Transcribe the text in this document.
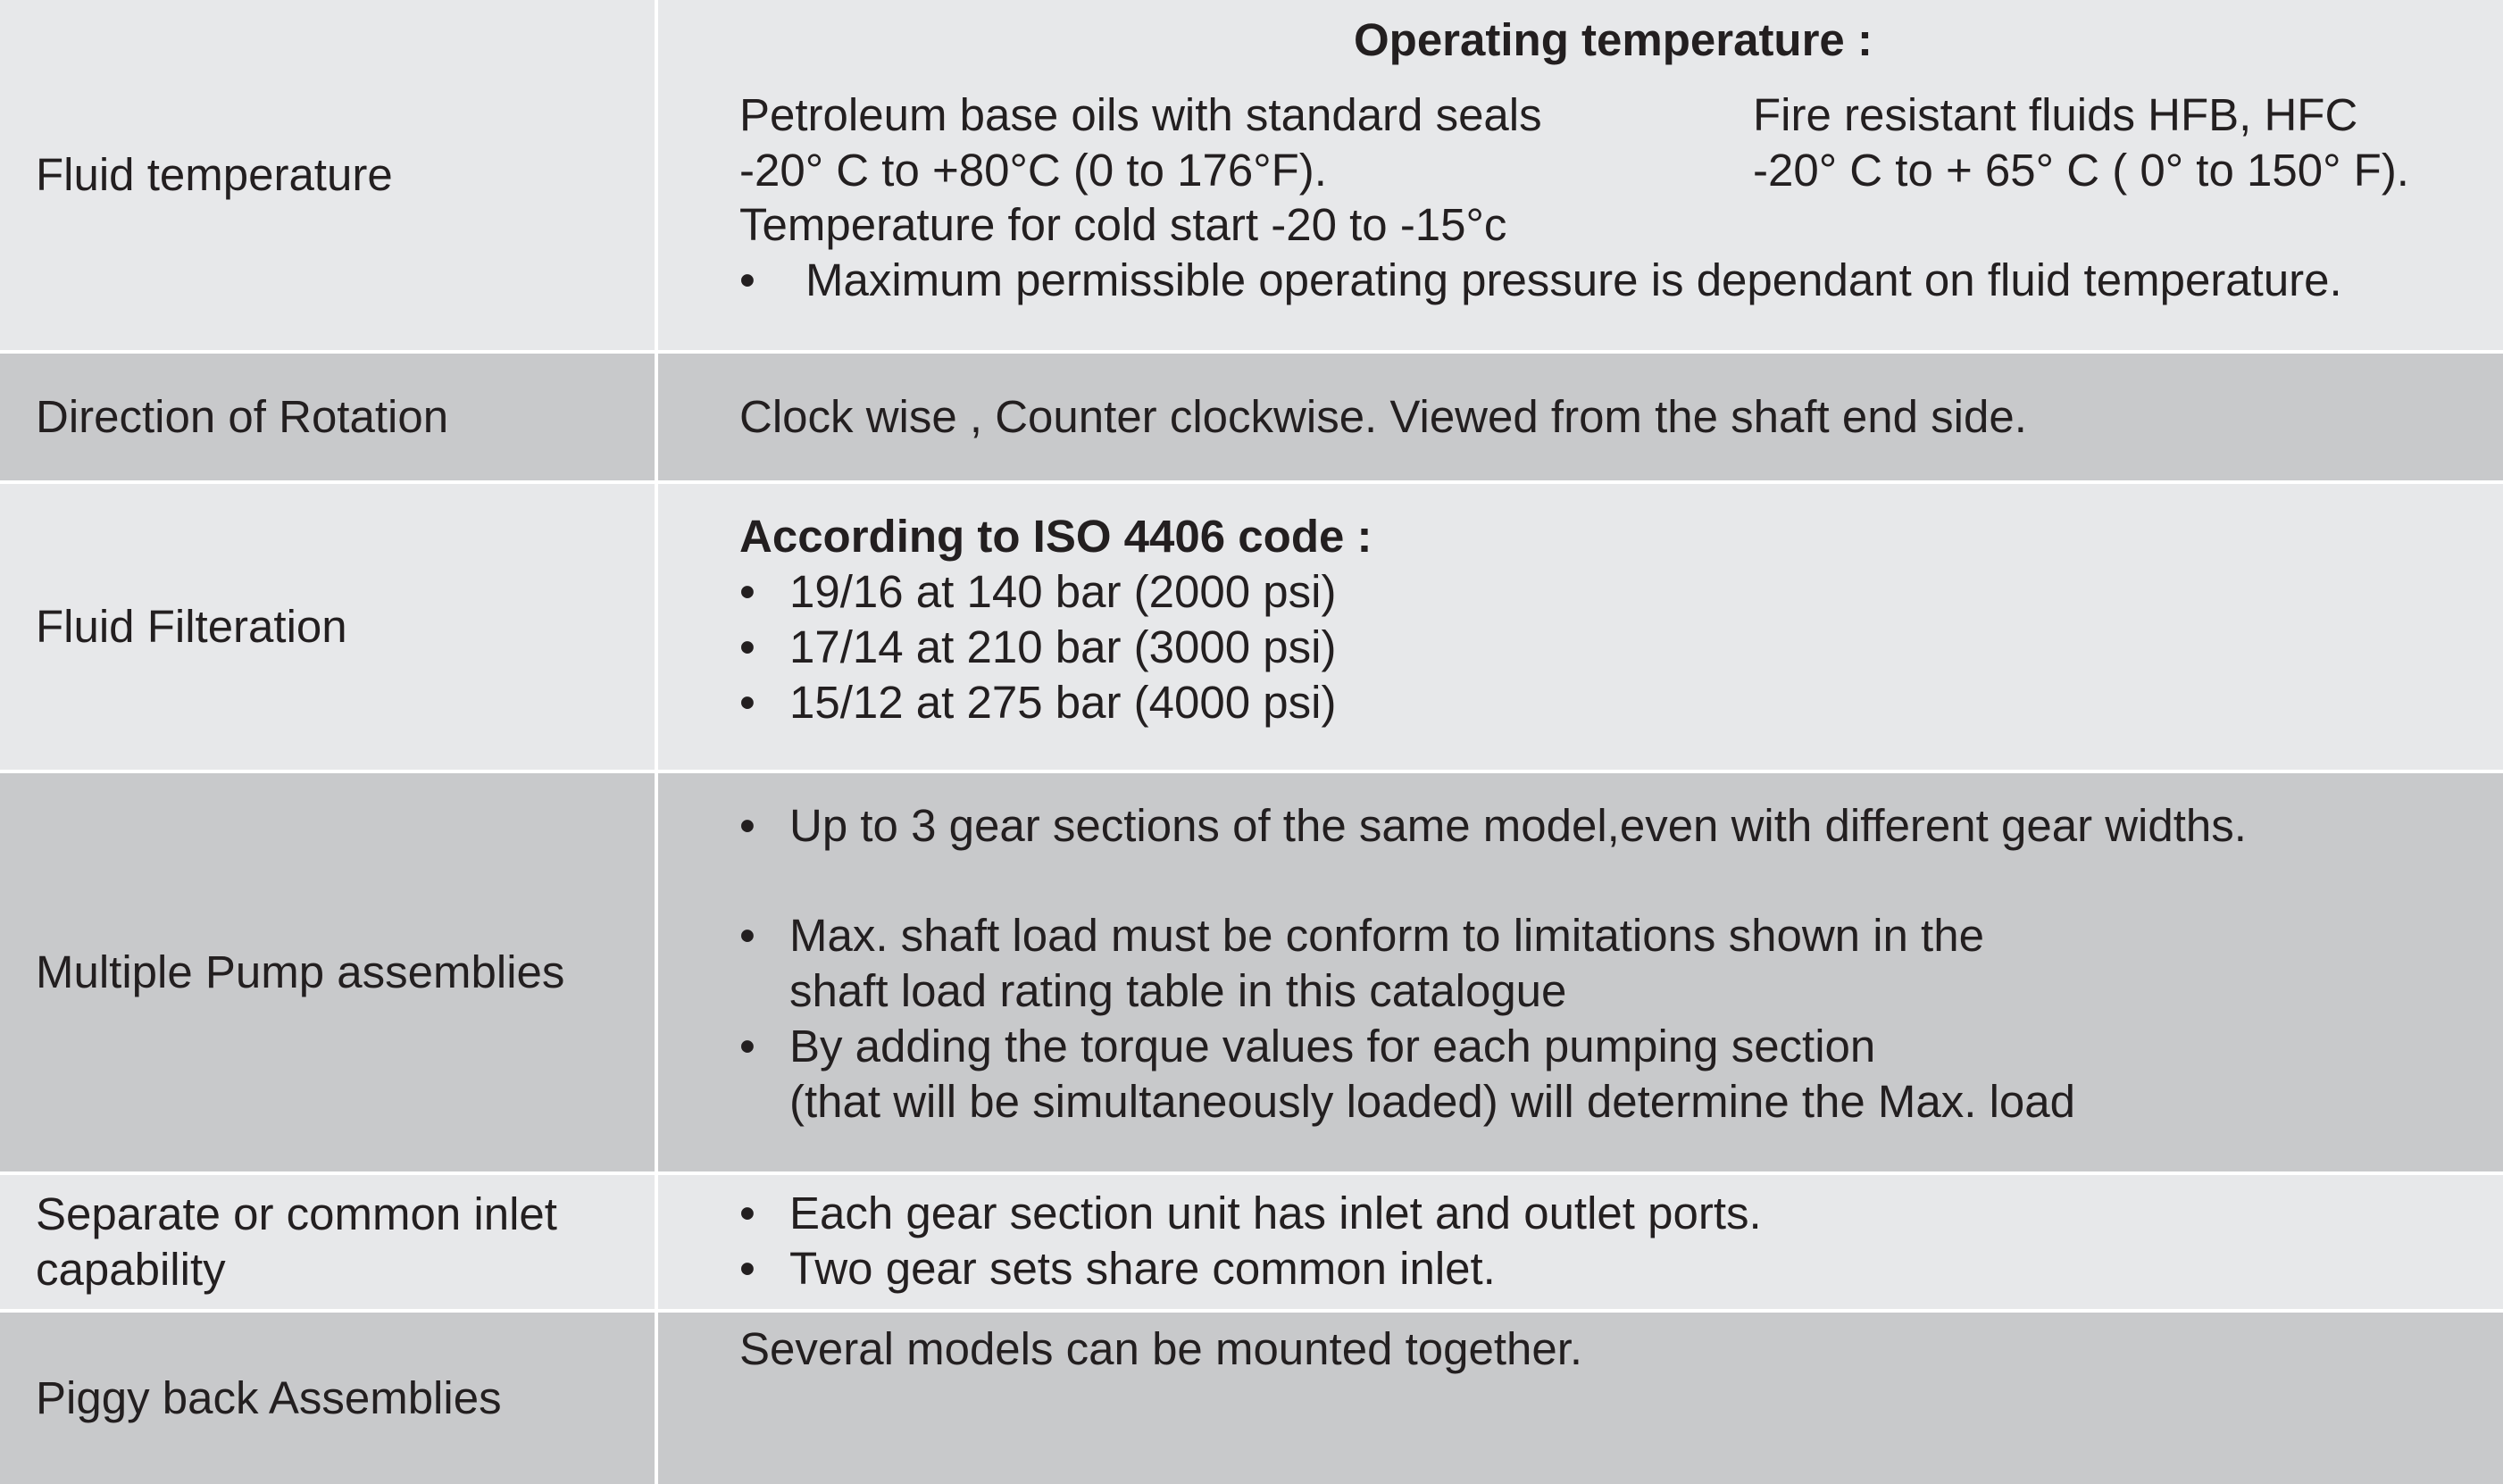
Fluid temperature
Operating temperature :
Petroleum base oils with standard seals
-20° C to +80°C (0 to 176°F).
Temperature for cold start -20 to -15°c
Fire resistant fluids HFB, HFC
-20° C to + 65° C ( 0° to 150° F).
• Maximum permissible operating pressure is dependant on fluid temperature.
Direction of Rotation	Clock wise , Counter clockwise. Viewed from the shaft end side.
Fluid Filteration
According to ISO 4406 code :
• 19/16 at 140 bar (2000 psi)
• 17/14 at 210 bar (3000 psi)
• 15/12 at 275 bar (4000 psi)
Multiple Pump assemblies
• Up to 3 gear sections of the same model,even with different gear widths.
• Max. shaft load must be conform to limitations shown in the
shaft load rating table in this catalogue
• By adding the torque values for each pumping section
(that will be simultaneously loaded) will determine the Max. load
Separate or common inlet
capability
• Each gear section unit has inlet and outlet ports.
• Two gear sets share common inlet.
Piggy back Assemblies
Several models can be mounted together.
